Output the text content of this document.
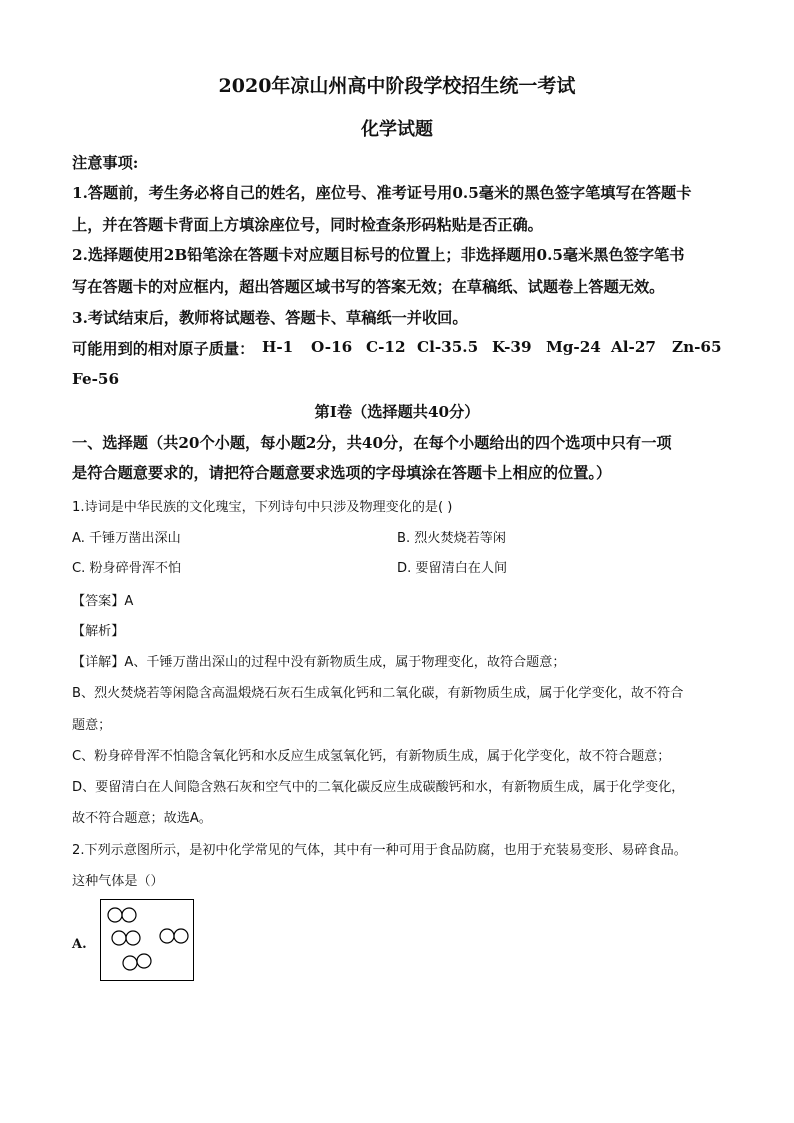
2020年凉山州高中阶段学校招生统一考试
化学试题
注意事项:
1.答题前，考生务必将自己的姓名，座位号、准考证号用0.5毫米的黑色签字笔填写在答题卡
上，并在答题卡背面上方填涂座位号，同时检查条形码粘贴是否正确。
2.选择题使用2B铅笔涂在答题卡对应题目标号的位置上；非选择题用0.5毫米黑色签字笔书
写在答题卡的对应框内，超出答题区域书写的答案无效；在草稿纸、试题卷上答题无效。
3.考试结束后，教师将试题卷、答题卡、草稿纸一并收回。
可能用到的相对原子质量： H-1 O-16 C-12 Cl-35.5 K-39 Mg-24 Al-27 Zn-65
Fe-56
第I卷（选择题共40分）
一、选择题（共20个小题，每小题2分，共40分，在每个小题给出的四个选项中只有一项
是符合题意要求的，请把符合题意要求选项的字母填涂在答题卡上相应的位置。）
1.诗词是中华民族的文化瑰宝，下列诗句中只涉及物理变化的是( )
A. 千锤万凿出深山	B. 烈火焚烧若等闲
C. 粉身碎骨浑不怕	D. 要留清白在人间
【答案】A
【解析】
【详解】A、千锤万凿出深山的过程中没有新物质生成，属于物理变化，故符合题意；
B、烈火焚烧若等闲隐含高温煅烧石灰石生成氧化钙和二氧化碳，有新物质生成，属于化学变化，故不符合
题意；
C、粉身碎骨浑不怕隐含氧化钙和水反应生成氢氧化钙，有新物质生成，属于化学变化，故不符合题意；
D、要留清白在人间隐含熟石灰和空气中的二氧化碳反应生成碳酸钙和水，有新物质生成，属于化学变化，
故不符合题意；故选A。
2.下列示意图所示，是初中化学常见的气体，其中有一种可用于食品防腐，也用于充装易变形、易碎食品。
这种气体是（）
A.
